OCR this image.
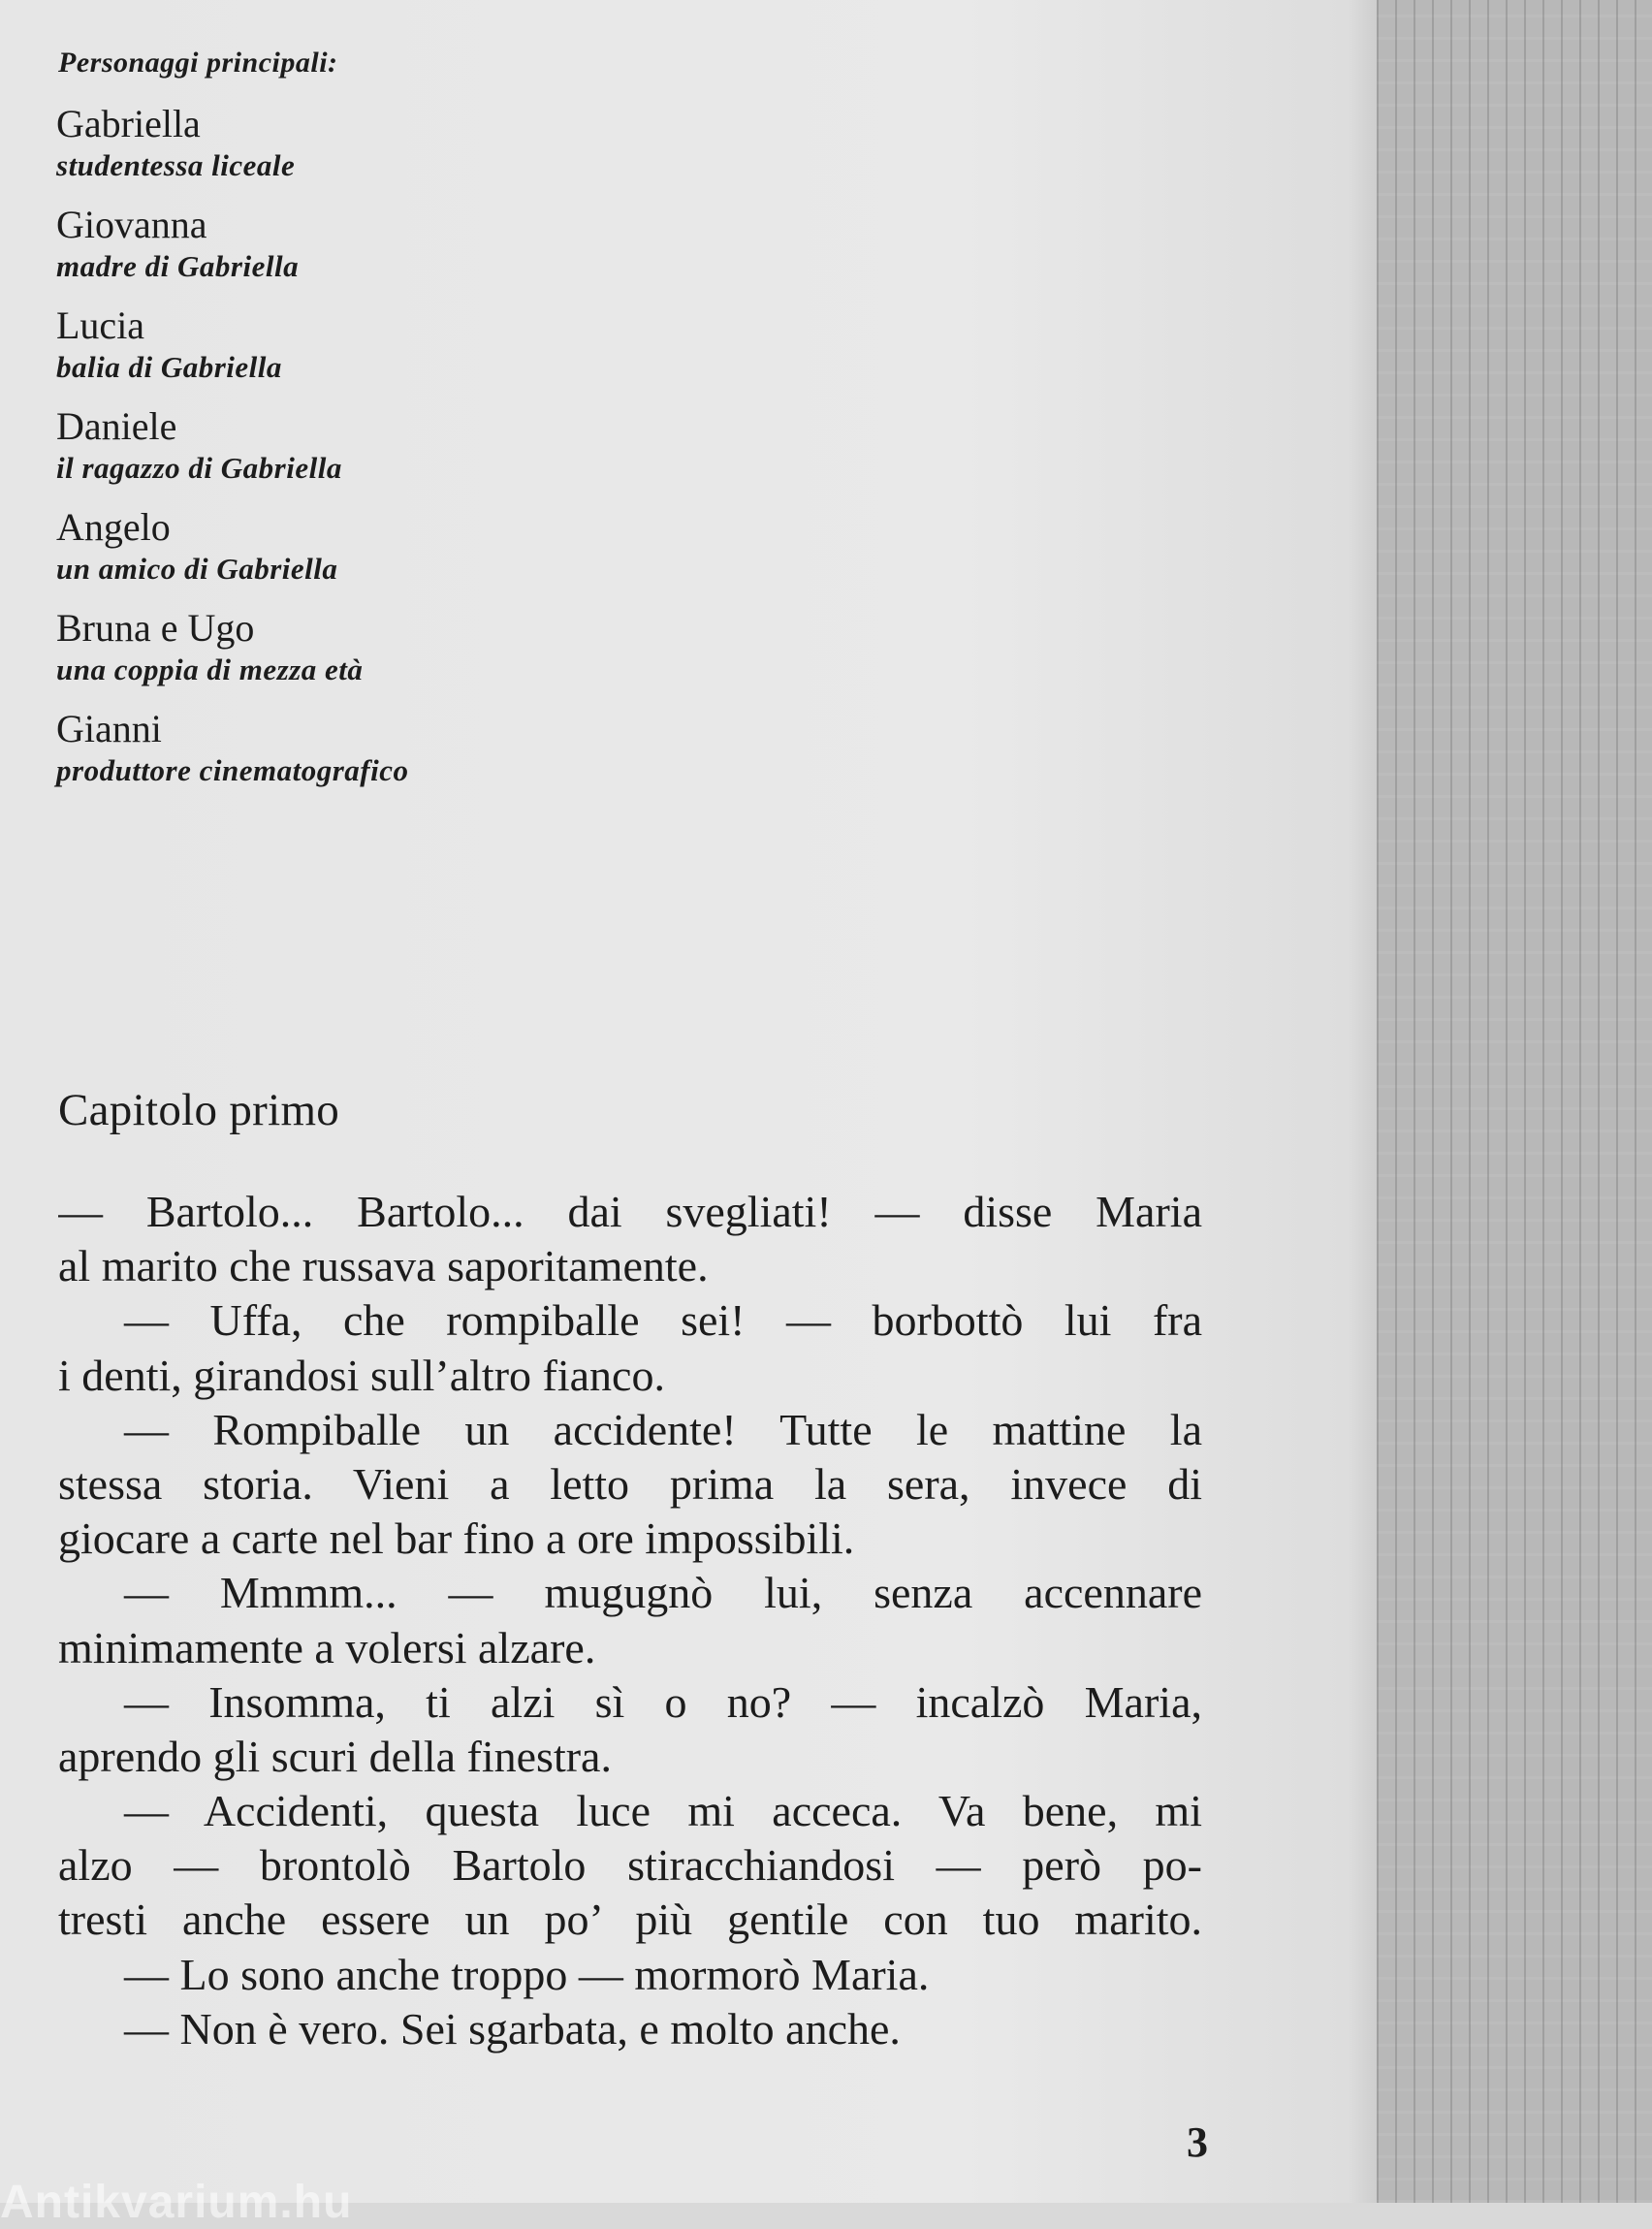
Personaggi principali:
Gabriella
studentessa liceale
Giovanna
madre di Gabriella
Lucia
balia di Gabriella
Daniele
il ragazzo di Gabriella
Angelo
un amico di Gabriella
Bruna e Ugo
una coppia di mezza età
Gianni
produttore cinematografico
Capitolo primo
— Bartolo... Bartolo... dai svegliati! — disse Maria
al marito che russava saporitamente.
— Uffa, che rompiballe sei! — borbottò lui fra
i denti, girandosi sull’altro fianco.
— Rompiballe un accidente! Tutte le mattine la
stessa storia. Vieni a letto prima la sera, invece di
giocare a carte nel bar fino a ore impossibili.
— Mmmm... — mugugnò lui, senza accennare
minimamente a volersi alzare.
— Insomma, ti alzi sì o no? — incalzò Maria,
aprendo gli scuri della finestra.
— Accidenti, questa luce mi acceca. Va bene, mi
alzo — brontolò Bartolo stiracchiandosi — però po-
tresti anche essere un po’ più gentile con tuo marito.
— Lo sono anche troppo — mormorò Maria.
— Non è vero. Sei sgarbata, e molto anche.
3
Antikvarium.hu
